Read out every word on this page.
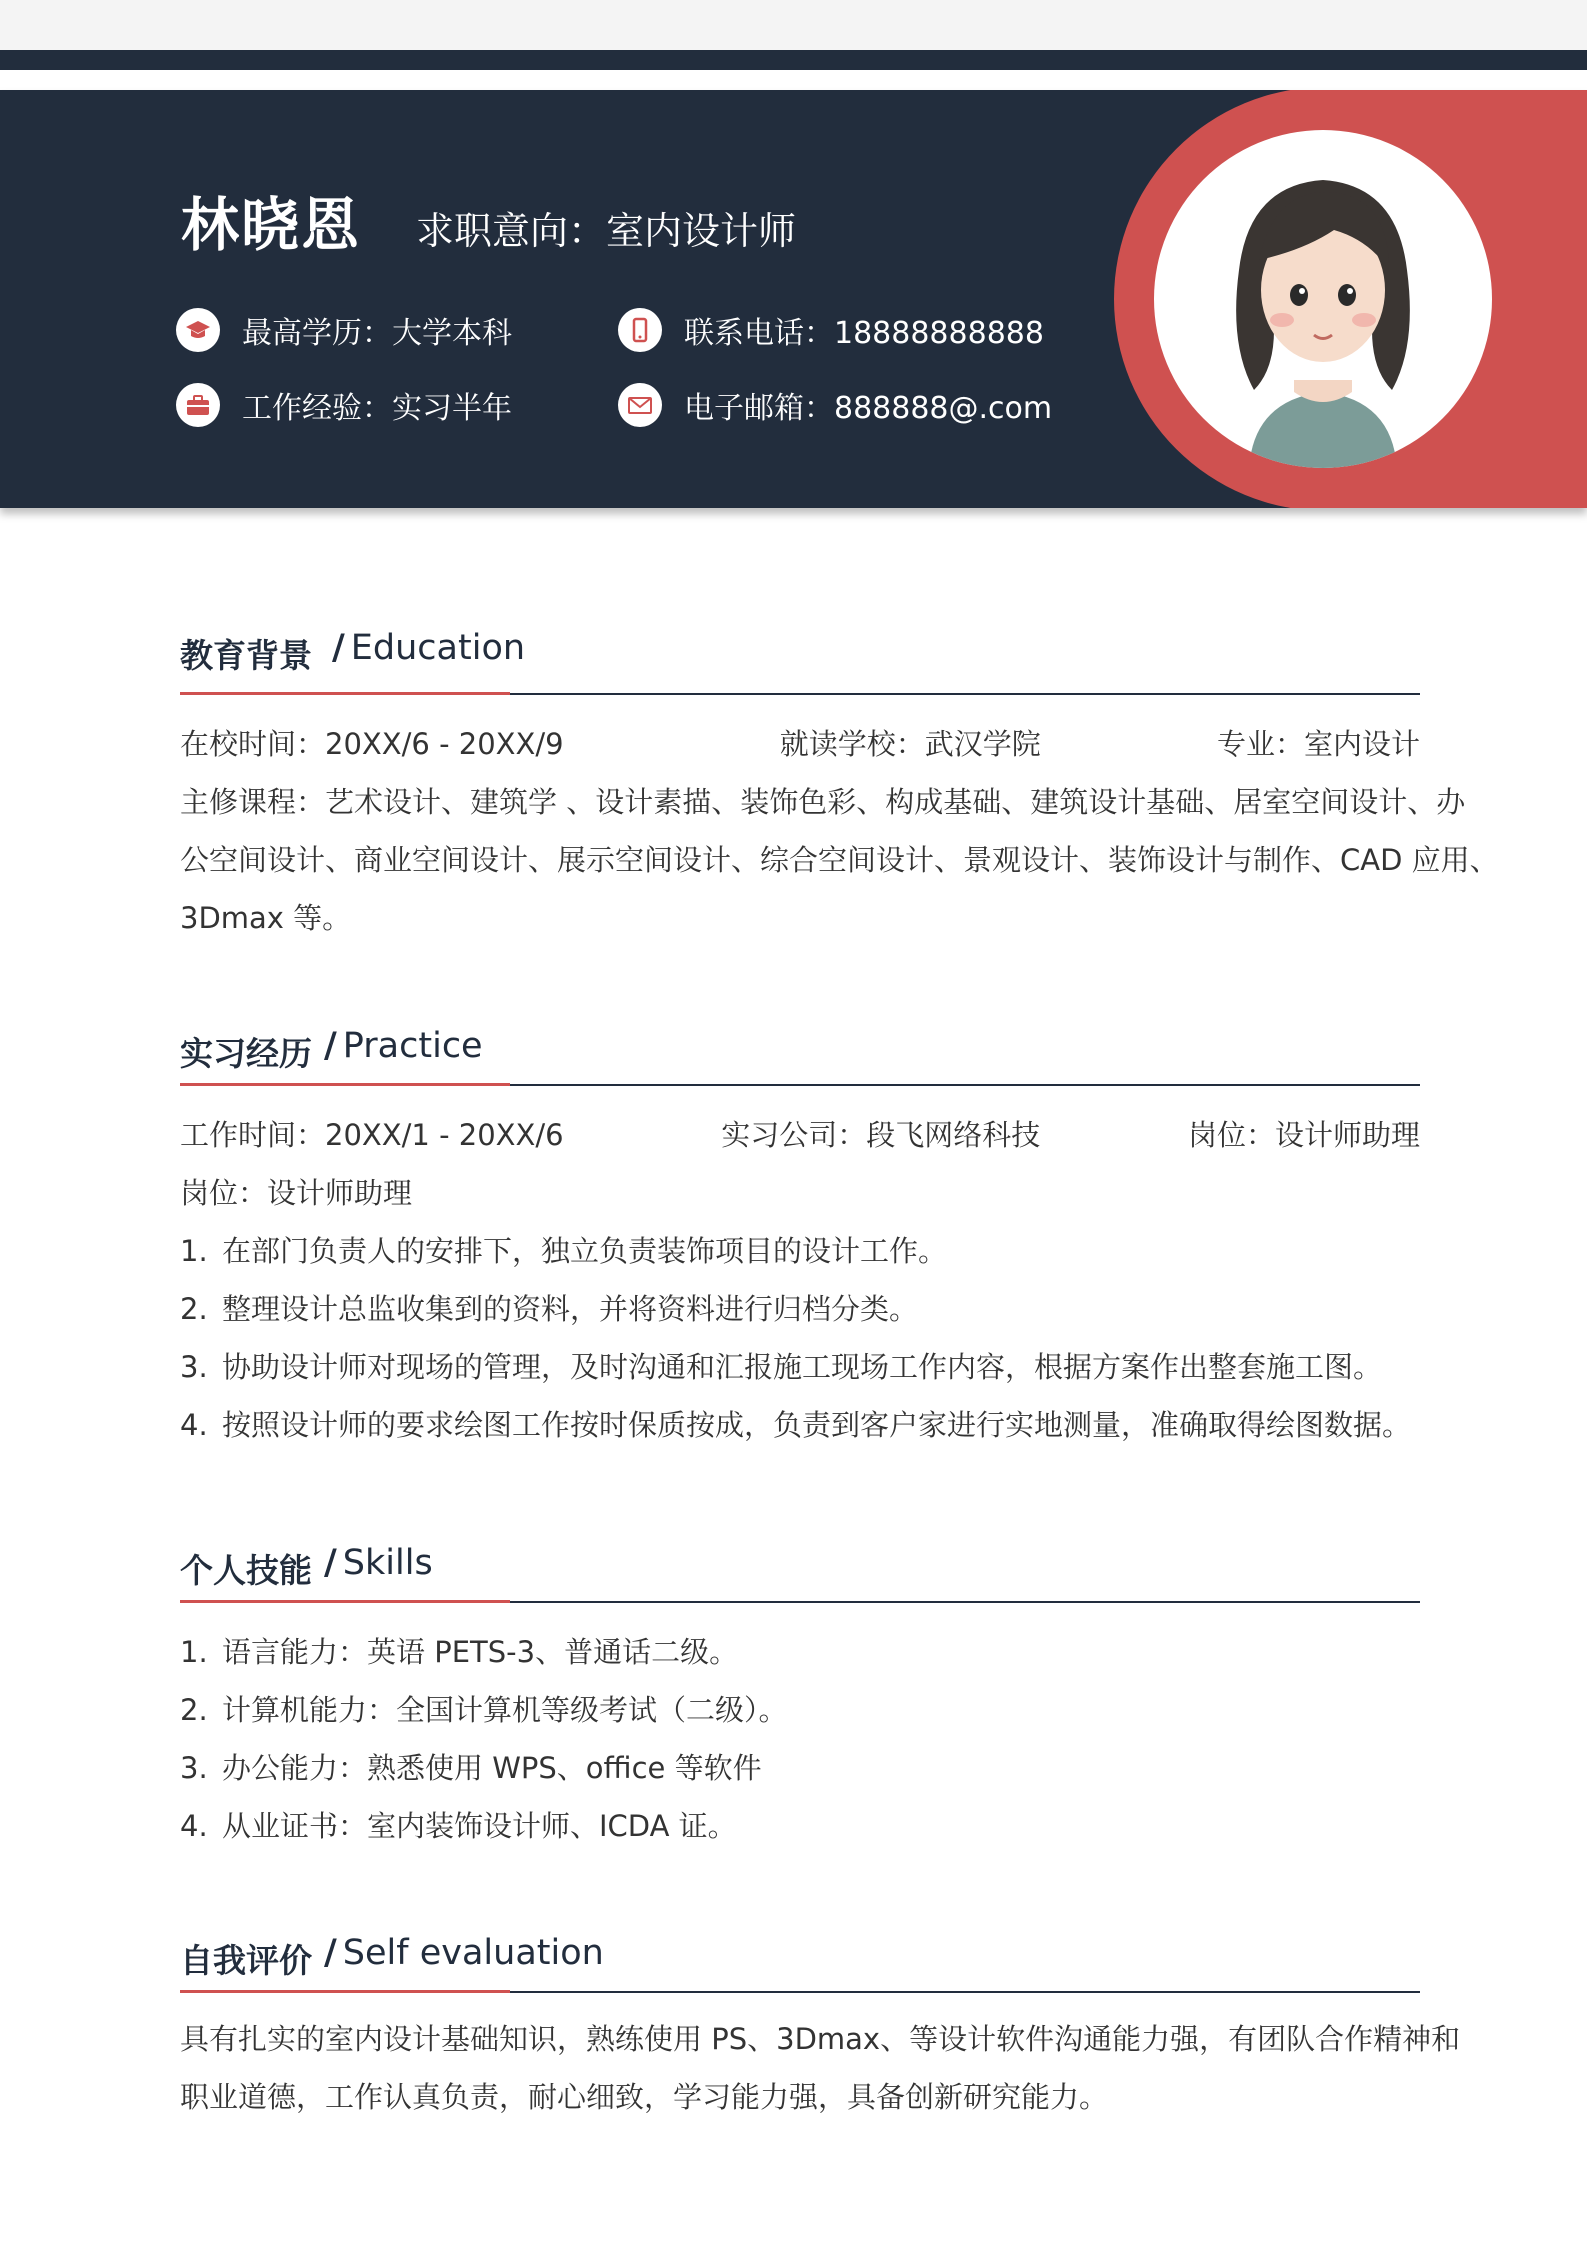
林晓恩 求职意向：室内设计师
最高学历：大学本科	联系电话：18888888888
工作经验：实习半年	电子邮箱：888888@.com
教育背景 / Education
在校时间：20XX/6 - 20XX/9	就读学校：武汉学院	专业：室内设计
主修课程：艺术设计、建筑学 、设计素描、装饰色彩、构成基础、建筑设计基础、居室空间设计、办
公空间设计、商业空间设计、展示空间设计、综合空间设计、景观设计、装饰设计与制作、CAD 应用、
3Dmax 等。
实习经历 / Practice
工作时间：20XX/1 - 20XX/6	实习公司：段飞网络科技	岗位：设计师助理
岗位：设计师助理
1. 在部门负责人的安排下，独立负责装饰项目的设计工作。
2. 整理设计总监收集到的资料，并将资料进行归档分类。
3. 协助设计师对现场的管理，及时沟通和汇报施工现场工作内容，根据方案作出整套施工图。
4. 按照设计师的要求绘图工作按时保质按成，负责到客户家进行实地测量，准确取得绘图数据。
个人技能 / Skills
1. 语言能力：英语 PETS-3、普通话二级。
2. 计算机能力：全国计算机等级考试（二级）。
3. 办公能力：熟悉使用 WPS、office 等软件
4. 从业证书：室内装饰设计师、ICDA 证。
自我评价 / Self evaluation
具有扎实的室内设计基础知识，熟练使用 PS、3Dmax、等设计软件沟通能力强，有团队合作精神和
职业道德，工作认真负责，耐心细致，学习能力强，具备创新研究能力。
